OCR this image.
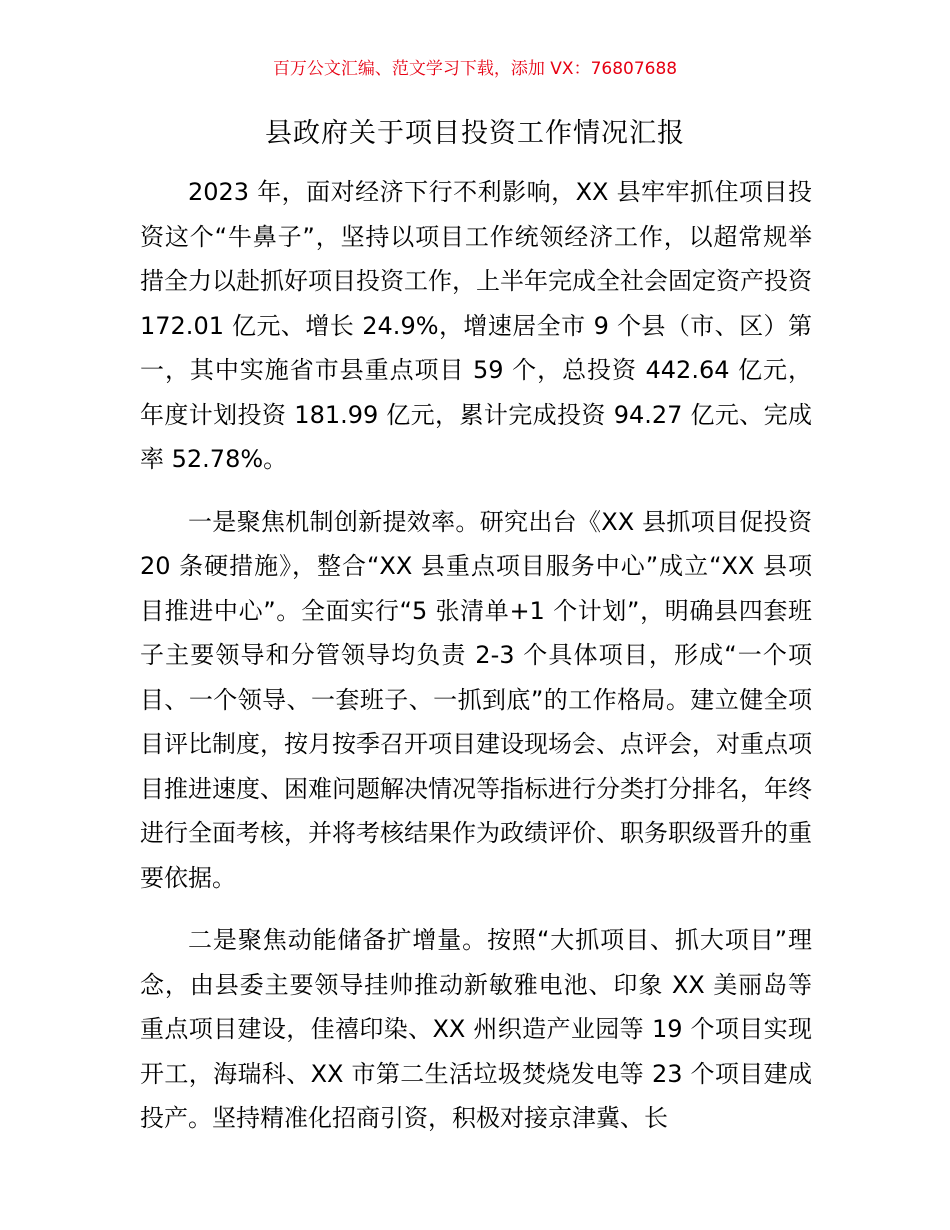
百万公文汇编、范文学习下载，添加 VX：76807688
县政府关于项目投资工作情况汇报

2023 年，面对经济下行不利影响，XX 县牢牢抓住项目投资这个“牛鼻子”，坚持以项目工作统领经济工作，以超常规举措全力以赴抓好项目投资工作，上半年完成全社会固定资产投资 172.01 亿元、增长 24.9%，增速居全市 9 个县（市、区）第一，其中实施省市县重点项目 59 个，总投资 442.64 亿元，年度计划投资 181.99 亿元，累计完成投资 94.27 亿元、完成率 52.78%。

一是聚焦机制创新提效率。研究出台《XX 县抓项目促投资 20 条硬措施》，整合“XX 县重点项目服务中心”成立“XX 县项目推进中心”。全面实行“5 张清单+1 个计划”，明确县四套班子主要领导和分管领导均负责 2-3 个具体项目，形成“一个项目、一个领导、一套班子、一抓到底”的工作格局。建立健全项目评比制度，按月按季召开项目建设现场会、点评会，对重点项目推进速度、困难问题解决情况等指标进行分类打分排名，年终进行全面考核，并将考核结果作为政绩评价、职务职级晋升的重要依据。

二是聚焦动能储备扩增量。按照“大抓项目、抓大项目”理念，由县委主要领导挂帅推动新敏雅电池、印象 XX 美丽岛等重点项目建设，佳禧印染、XX 州织造产业园等 19 个项目实现开工，海瑞科、XX 市第二生活垃圾焚烧发电等 23 个项目建成投产。坚持精准化招商引资，积极对接京津冀、长
